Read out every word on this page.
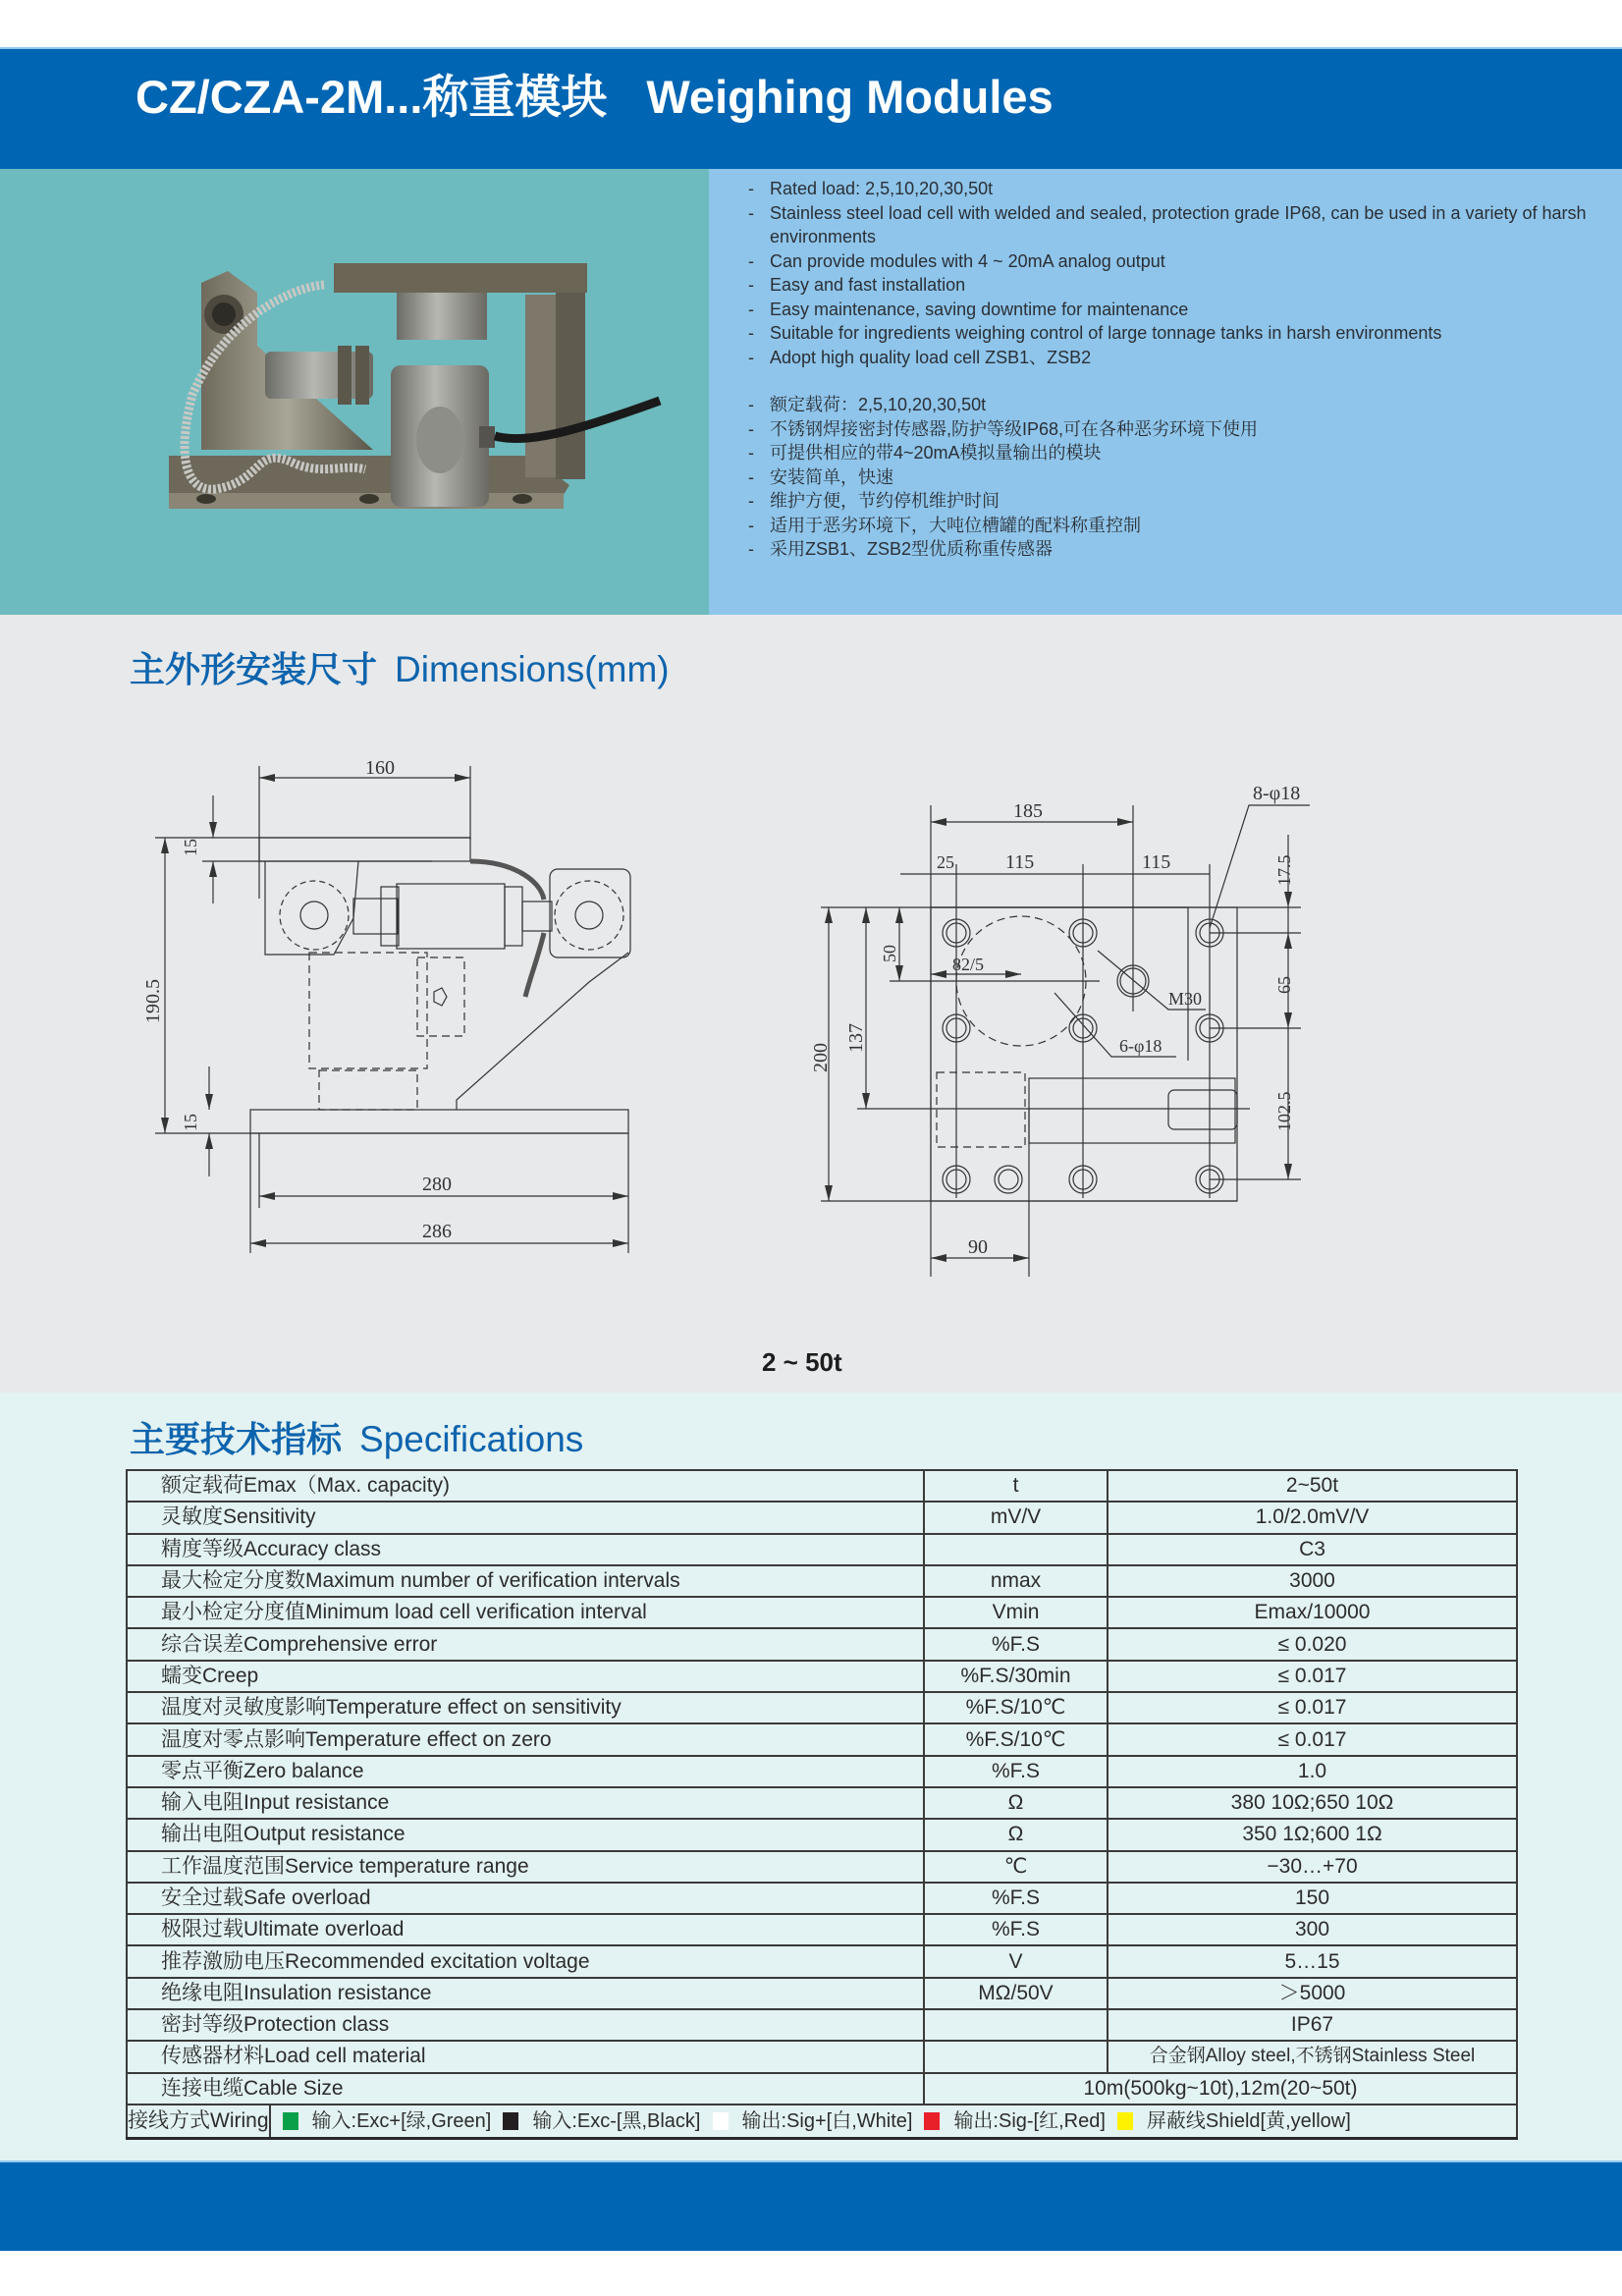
CZ/CZA-2M...称重模块 Weighing Modules
- Rated load: 2,5,10,20,30,50t
- Stainless steel load cell with welded and sealed, protection grade IP68, can be used in a variety of harsh environments
- Can provide modules with 4 ~ 20mA analog output
- Easy and fast installation
- Easy maintenance, saving downtime for maintenance
- Suitable for ingredients weighing control of large tonnage tanks in harsh environments
- Adopt high quality load cell ZSB1、ZSB2
- 额定载荷：2,5,10,20,30,50t
- 不锈钢焊接密封传感器,防护等级IP68,可在各种恶劣环境下使用
- 可提供相应的带4~20mA模拟量输出的模块
- 安装简单，快速
- 维护方便，节约停机维护时间
- 适用于恶劣环境下，大吨位槽罐的配料称重控制
- 采用ZSB1、ZSB2型优质称重传感器
主外形安装尺寸 Dimensions(mm)
160
15
190.5
15
280
286
185
25	115	115
8-φ18
17.5
50
82/5
M30
65
137
200	6-φ18
102.5
90
2 ~ 50t
主要技术指标 Specifications
额定载荷Emax（Max. capacity)	t	2~50t
灵敏度Sensitivity	mV/V	1.0/2.0mV/V
精度等级Accuracy class		C3
最大检定分度数Maximum number of verification intervals	nmax	3000
最小检定分度值Minimum load cell verification interval	Vmin	Emax/10000
综合误差Comprehensive error	%F.S	≤ 0.020
蠕变Creep	%F.S/30min	≤ 0.017
温度对灵敏度影响Temperature effect on sensitivity	%F.S/10℃	≤ 0.017
温度对零点影响Temperature effect on zero	%F.S/10℃	≤ 0.017
零点平衡Zero balance	%F.S	1.0
输入电阻Input resistance	Ω	380 10Ω;650 10Ω
输出电阻Output resistance	Ω	350 1Ω;600 1Ω
工作温度范围Service temperature range	℃	−30…+70
安全过载Safe overload	%F.S	150
极限过载Ultimate overload	%F.S	300
推荐激励电压Recommended excitation voltage	V	5…15
绝缘电阻Insulation resistance	MΩ/50V	＞5000
密封等级Protection class		IP67
传感器材料Load cell material		合金钢Alloy steel,不锈钢Stainless Steel
连接电缆Cable Size	10m(500kg~10t),12m(20~50t)	

接线方式Wiring 输入:Exc+[绿,Green] 输入:Exc-[黑,Black] 输出:Sig+[白,White] 输出:Sig-[红,Red] 屏蔽线Shield[黄,yellow]
